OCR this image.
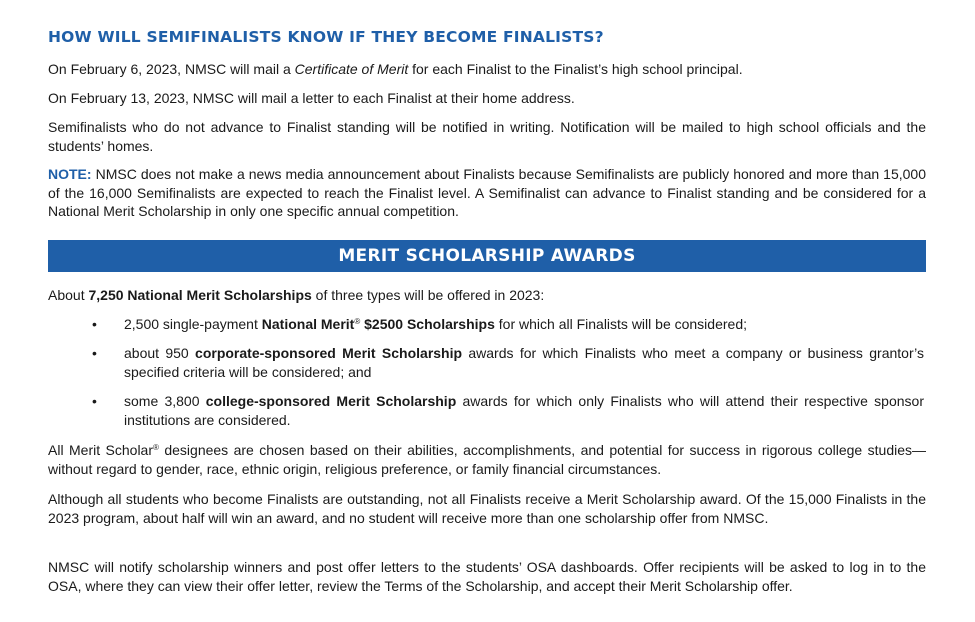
HOW WILL SEMIFINALISTS KNOW IF THEY BECOME FINALISTS?

On February 6, 2023, NMSC will mail a Certificate of Merit for each Finalist to the Finalist’s high school principal.

On February 13, 2023, NMSC will mail a letter to each Finalist at their home address.

Semifinalists who do not advance to Finalist standing will be notified in writing. Notification will be mailed to high school officials and the students’ homes.

NOTE: NMSC does not make a news media announcement about Finalists because Semifinalists are publicly honored and more than 15,000 of the 16,000 Semifinalists are expected to reach the Finalist level. A Semifinalist can advance to Finalist standing and be considered for a National Merit Scholarship in only one specific annual competition.

MERIT SCHOLARSHIP AWARDS

About 7,250 National Merit Scholarships of three types will be offered in 2023:

• 2,500 single-payment National Merit® $2500 Scholarships for which all Finalists will be considered;
• about 950 corporate-sponsored Merit Scholarship awards for which Finalists who meet a company or business grantor’s specified criteria will be considered; and
• some 3,800 college-sponsored Merit Scholarship awards for which only Finalists who will attend their respective sponsor institutions are considered.

All Merit Scholar® designees are chosen based on their abilities, accomplishments, and potential for success in rigorous college studies—without regard to gender, race, ethnic origin, religious preference, or family financial circumstances.

Although all students who become Finalists are outstanding, not all Finalists receive a Merit Scholarship award. Of the 15,000 Finalists in the 2023 program, about half will win an award, and no student will receive more than one scholarship offer from NMSC.

NMSC will notify scholarship winners and post offer letters to the students’ OSA dashboards. Offer recipients will be asked to log in to the OSA, where they can view their offer letter, review the Terms of the Scholarship, and accept their Merit Scholarship offer.
